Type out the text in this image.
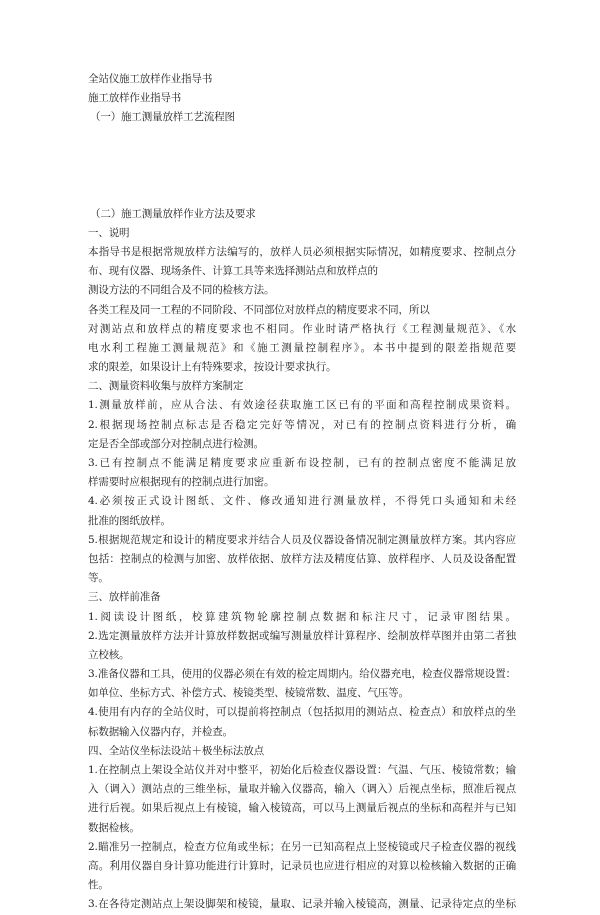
全站仪施工放样作业指导书
施工放样作业指导书
（一）施工测量放样工艺流程图
（二）施工测量放样作业方法及要求
一、说明
本指导书是根据常规放样方法编写的，放样人员必须根据实际情况，如精度要求、控制点分
布、现有仪器、现场条件、计算工具等来选择测站点和放样点的
测设方法的不同组合及不同的检核方法。
各类工程及同一工程的不同阶段、不同部位对放样点的精度要求不同，所以
对测站点和放样点的精度要求也不相同。作业时请严格执行《工程测量规范》、《水
电水利工程施工测量规范》和《施工测量控制程序》。本书中提到的限差指规范要
求的限差，如果设计上有特殊要求，按设计要求执行。
二、测量资料收集与放样方案制定
1.测量放样前，应从合法、有效途径获取施工区已有的平面和高程控制成果资料。
2.根据现场控制点标志是否稳定完好等情况，对已有的控制点资料进行分析，确
定是否全部或部分对控制点进行检测。
3.已有控制点不能满足精度要求应重新布设控制，已有的控制点密度不能满足放
样需要时应根据现有的控制点进行加密。
4.必须按正式设计图纸、文件、修改通知进行测量放样，不得凭口头通知和未经
批准的图纸放样。
5.根据规范规定和设计的精度要求并结合人员及仪器设备情况制定测量放样方案。其内容应
包括：控制点的检测与加密、放样依据、放样方法及精度估算、放样程序、人员及设备配置
等。
三、放样前准备
1.阅读设计图纸，校算建筑物轮廓控制点数据和标注尺寸，记录审图结果。
2.选定测量放样方法并计算放样数据或编写测量放样计算程序、绘制放样草图并由第二者独
立校核。
3.准备仪器和工具，使用的仪器必须在有效的检定周期内。给仪器充电，检查仪器常规设置：
如单位、坐标方式、补偿方式、棱镜类型、棱镜常数、温度、气压等。
4.使用有内存的全站仪时，可以提前将控制点（包括拟用的测站点、检查点）和放样点的坐
标数据输入仪器内存，并检查。
四、全站仪坐标法设站＋极坐标法放点
1.在控制点上架设全站仪并对中整平，初始化后检查仪器设置：气温、气压、棱镜常数；输
入（调入）测站点的三维坐标，量取并输入仪器高，输入（调入）后视点坐标，照准后视点
进行后视。如果后视点上有棱镜，输入棱镜高，可以马上测量后视点的坐标和高程并与已知
数据检核。
2.瞄准另一控制点，检查方位角或坐标；在另一已知高程点上竖棱镜或尺子检查仪器的视线
高。利用仪器自身计算功能进行计算时，记录员也应进行相应的对算以检核输入数据的正确
性。
3.在各待定测站点上架设脚架和棱镜，量取、记录并输入棱镜高，测量、记录待定点的坐标
